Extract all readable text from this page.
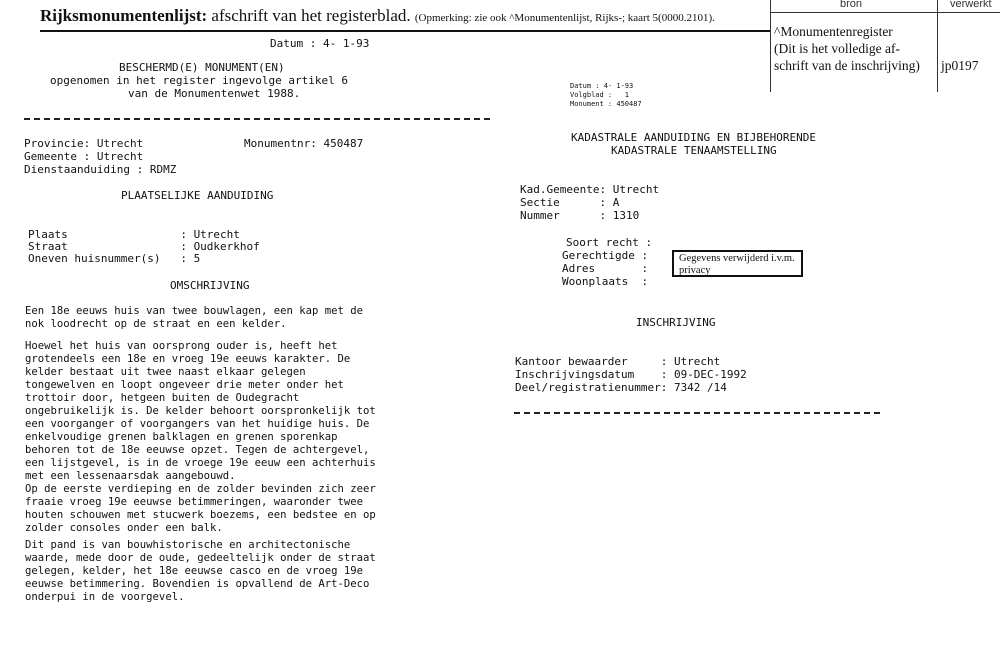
Rijksmonumentenlijst: afschrift van het registerblad. (Opmerking: zie ook ^Monumentenlijst, Rijks-; kaart 5(0000.2101).
bron	verwerkt
^Monumentenregister
(Dit is het volledige af-
schrift van de inschrijving) jp0197
Datum : 4- 1-93
BESCHERMD(E) MONUMENT(EN)
opgenomen in het register ingevolge artikel 6
van de Monumentenwet 1988.
Provincie: Utrecht	Monumentnr: 450487
Gemeente : Utrecht
Dienstaanduiding : RDMZ
PLAATSELIJKE AANDUIDING
Plaats                 : Utrecht
Straat                 : Oudkerkhof
Oneven huisnummer(s)   : 5
OMSCHRIJVING
Een 18e eeuws huis van twee bouwlagen, een kap met de
nok loodrecht op de straat en een kelder.
Hoewel het huis van oorsprong ouder is, heeft het
grotendeels een 18e en vroeg 19e eeuws karakter. De
kelder bestaat uit twee naast elkaar gelegen
tongewelven en loopt ongeveer drie meter onder het
trottoir door, hetgeen buiten de Oudegracht
ongebruikelijk is. De kelder behoort oorspronkelijk tot
een voorganger of voorgangers van het huidige huis. De
enkelvoudige grenen balklagen en grenen sporenkap
behoren tot de 18e eeuwse opzet. Tegen de achtergevel,
een lijstgevel, is in de vroege 19e eeuw een achterhuis
met een lessenaarsdak aangebouwd.
Op de eerste verdieping en de zolder bevinden zich zeer
fraaie vroeg 19e eeuwse betimmeringen, waaronder twee
houten schouwen met stucwerk boezems, een bedstee en op
zolder consoles onder een balk.
Dit pand is van bouwhistorische en architectonische
waarde, mede door de oude, gedeeltelijk onder de straat
gelegen, kelder, het 18e eeuwse casco en de vroeg 19e
eeuwse betimmering. Bovendien is opvallend de Art-Deco
onderpui in de voorgevel.
Datum : 4- 1-93
Volgblad :   1
Monument : 450487
KADASTRALE AANDUIDING EN BIJBEHORENDE
KADASTRALE TENAAMSTELLING
Kad.Gemeente: Utrecht
Sectie      : A
Nummer      : 1310
Soort recht :
Gerechtigde :
Adres       :
Woonplaats  :
Gegevens verwijderd i.v.m. privacy
INSCHRIJVING
Kantoor bewaarder     : Utrecht
Inschrijvingsdatum    : 09-DEC-1992
Deel/registratienummer: 7342 /14
